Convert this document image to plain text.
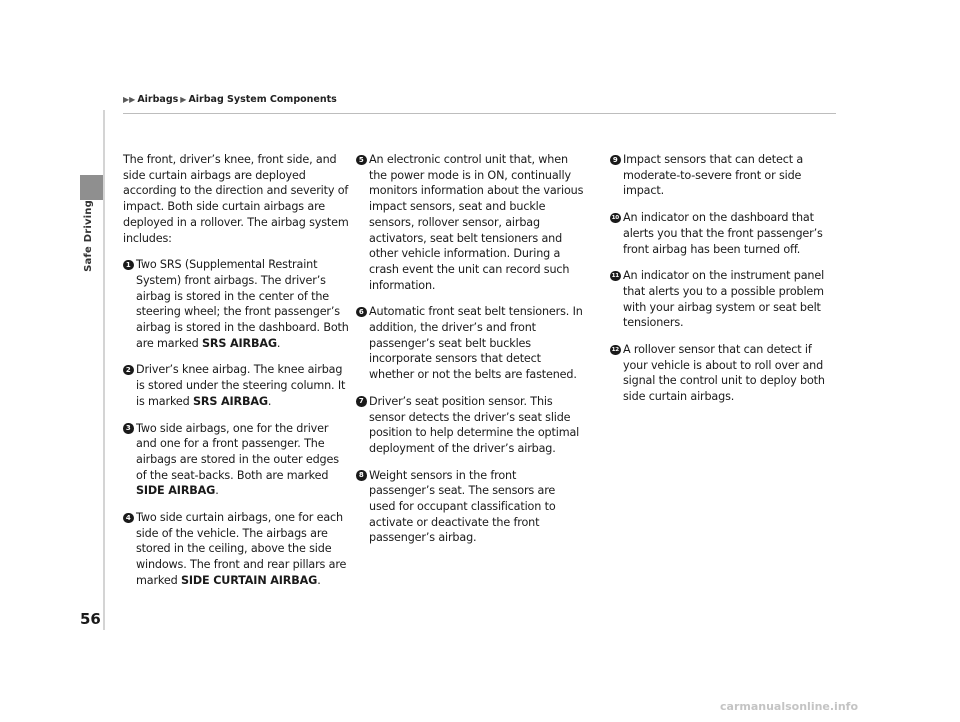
Safe Driving
▶▶ Airbags ▶ Airbag System Components

The front, driver’s knee, front side, and side curtain airbags are deployed according to the direction and severity of impact. Both side curtain airbags are deployed in a rollover. The airbag system includes:

1 Two SRS (Supplemental Restraint System) front airbags. The driver’s airbag is stored in the center of the steering wheel; the front passenger’s airbag is stored in the dashboard. Both are marked SRS AIRBAG.
2 Driver’s knee airbag. The knee airbag is stored under the steering column. It is marked SRS AIRBAG.
3 Two side airbags, one for the driver and one for a front passenger. The airbags are stored in the outer edges of the seat-backs. Both are marked SIDE AIRBAG.
4 Two side curtain airbags, one for each side of the vehicle. The airbags are stored in the ceiling, above the side windows. The front and rear pillars are marked SIDE CURTAIN AIRBAG.
5 An electronic control unit that, when the power mode is in ON, continually monitors information about the various impact sensors, seat and buckle sensors, rollover sensor, airbag activators, seat belt tensioners and other vehicle information. During a crash event the unit can record such information.
6 Automatic front seat belt tensioners. In addition, the driver’s and front passenger’s seat belt buckles incorporate sensors that detect whether or not the belts are fastened.
7 Driver’s seat position sensor. This sensor detects the driver’s seat slide position to help determine the optimal deployment of the driver’s airbag.
8 Weight sensors in the front passenger’s seat. The sensors are used for occupant classification to activate or deactivate the front passenger’s airbag.
9 Impact sensors that can detect a moderate-to-severe front or side impact.
10 An indicator on the dashboard that alerts you that the front passenger’s front airbag has been turned off.
11 An indicator on the instrument panel that alerts you to a possible problem with your airbag system or seat belt tensioners.
12 A rollover sensor that can detect if your vehicle is about to roll over and signal the control unit to deploy both side curtain airbags.
56
carmanualsonline.info
